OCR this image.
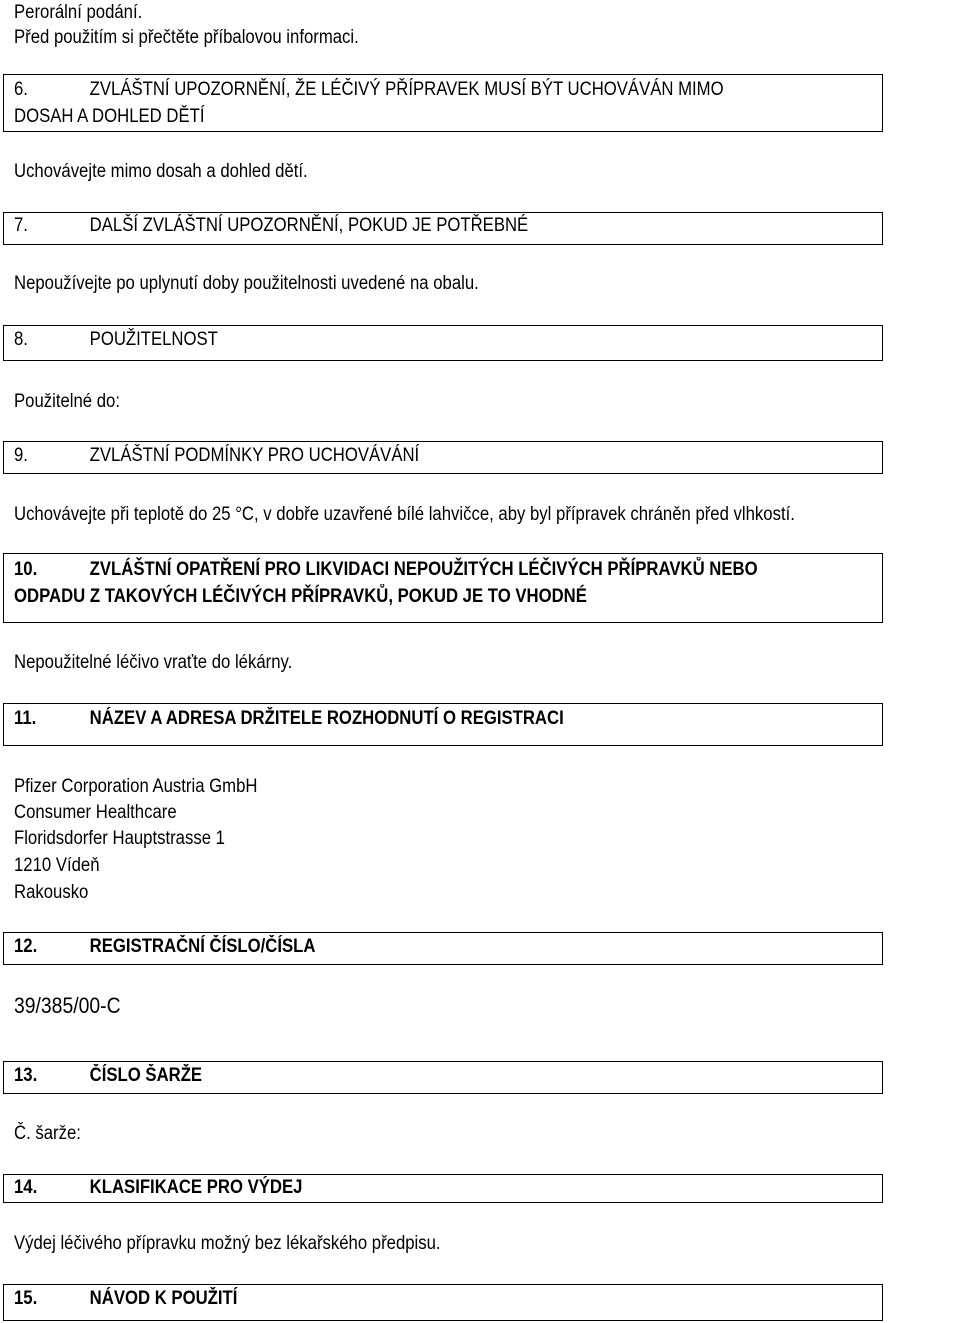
Perorální podání.
Před použitím si přečtěte příbalovou informaci.
6.	ZVLÁŠTNÍ UPOZORNĚNÍ, ŽE LÉČIVÝ PŘÍPRAVEK MUSÍ BÝT UCHOVÁVÁN MIMO
DOSAH A DOHLED DĚTÍ
Uchovávejte mimo dosah a dohled dětí.
7.	DALŠÍ ZVLÁŠTNÍ UPOZORNĚNÍ, POKUD JE POTŘEBNÉ
Nepoužívejte po uplynutí doby použitelnosti uvedené na obalu.
8.	POUŽITELNOST
Použitelné do:
9.	ZVLÁŠTNÍ PODMÍNKY PRO UCHOVÁVÁNÍ
Uchovávejte při teplotě do 25 °C, v dobře uzavřené bílé lahvičce, aby byl přípravek chráněn před vlhkostí.
10.	ZVLÁŠTNÍ OPATŘENÍ PRO LIKVIDACI NEPOUŽITÝCH LÉČIVÝCH PŘÍPRAVKŮ NEBO
ODPADU Z TAKOVÝCH LÉČIVÝCH PŘÍPRAVKŮ, POKUD JE TO VHODNÉ
Nepoužitelné léčivo vraťte do lékárny.
11.	NÁZEV A ADRESA DRŽITELE ROZHODNUTÍ O REGISTRACI
Pfizer Corporation Austria GmbH
Consumer Healthcare
Floridsdorfer Hauptstrasse 1
1210 Vídeň
Rakousko
12.	REGISTRAČNÍ ČÍSLO/ČÍSLA
39/385/00-C
13.	ČÍSLO ŠARŽE
Č. šarže:
14.	KLASIFIKACE PRO VÝDEJ
Výdej léčivého přípravku možný bez lékařského předpisu.
15.	NÁVOD K POUŽITÍ
